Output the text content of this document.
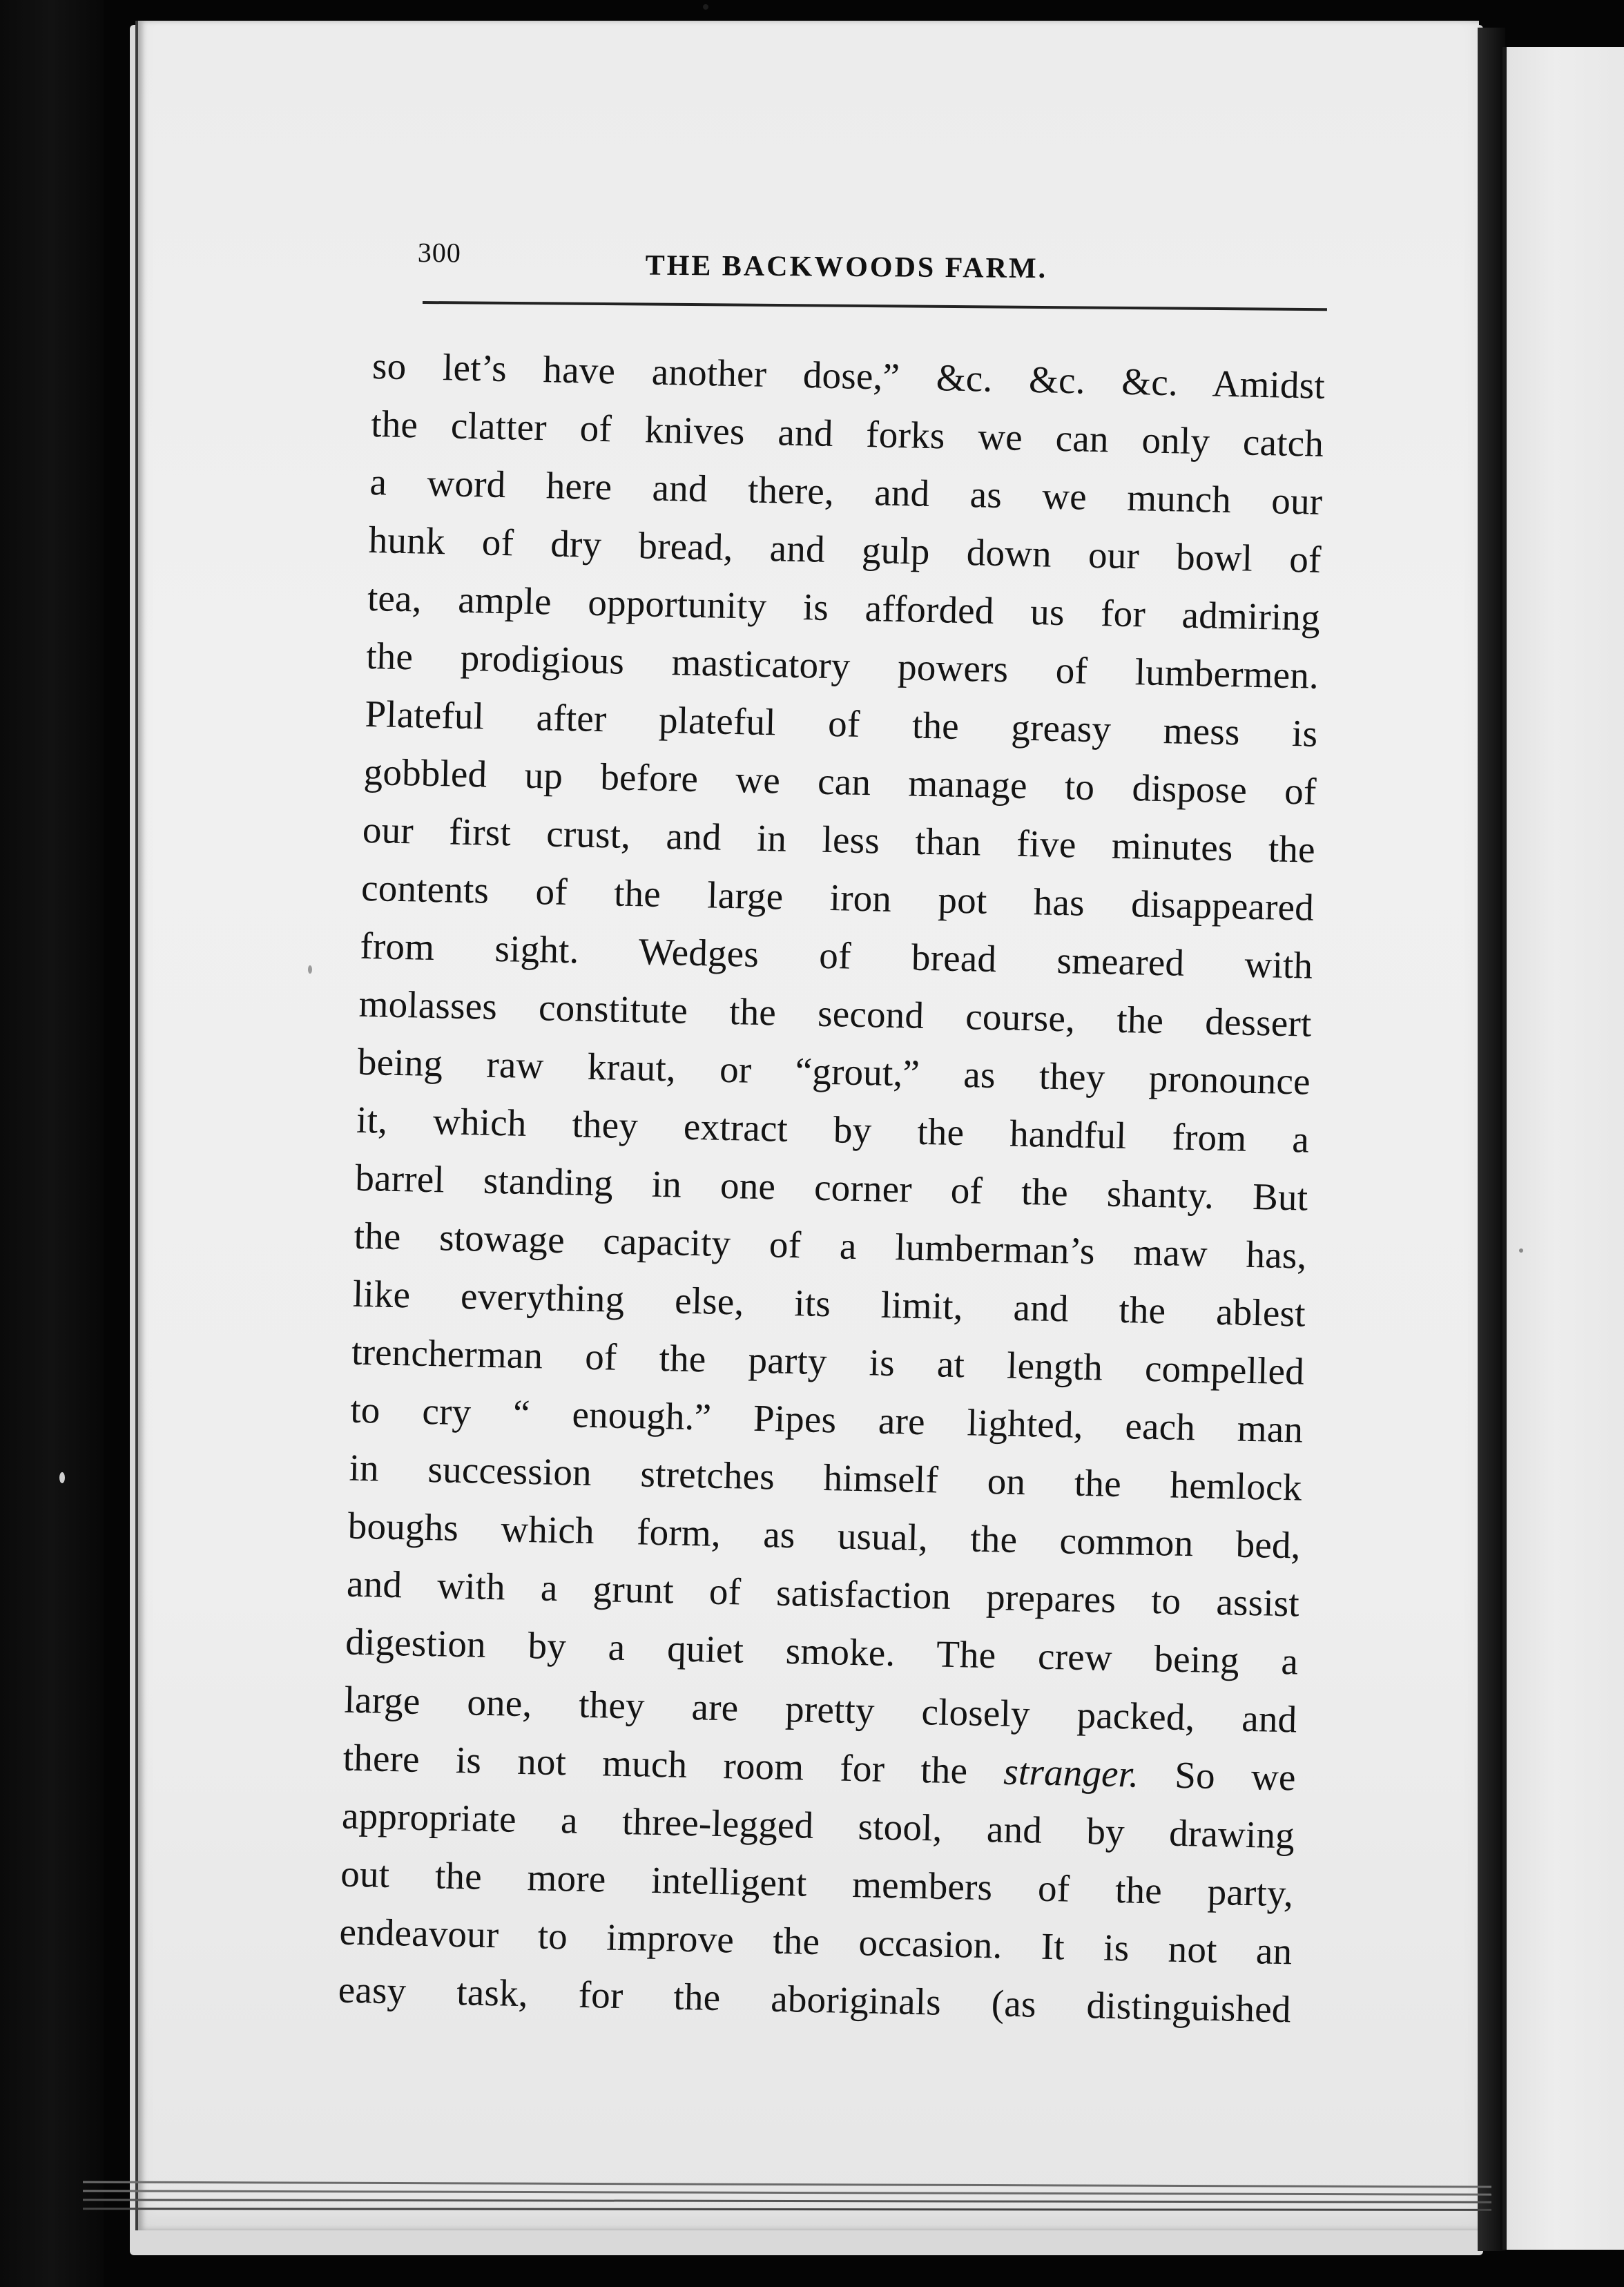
300	THE BACKWOODS FARM.
so let’s have another dose,” &c. &c. &c. Amidst
the clatter of knives and forks we can only catch
a word here and there, and as we munch our
hunk of dry bread, and gulp down our bowl of
tea, ample opportunity is afforded us for admiring
the prodigious masticatory powers of lumbermen.
Plateful after plateful of the greasy mess is
gobbled up before we can manage to dispose of
our first crust, and in less than five minutes the
contents of the large iron pot has disappeared
from sight. Wedges of bread smeared with
molasses constitute the second course, the dessert
being raw kraut, or “grout,” as they pronounce
it, which they extract by the handful from a
barrel standing in one corner of the shanty. But
the stowage capacity of a lumberman’s maw has,
like everything else, its limit, and the ablest
trencherman of the party is at length compelled
to cry “ enough.” Pipes are lighted, each man
in succession stretches himself on the hemlock
boughs which form, as usual, the common bed,
and with a grunt of satisfaction prepares to assist
digestion by a quiet smoke. The crew being a
large one, they are pretty closely packed, and
there is not much room for the stranger. So we
appropriate a three-legged stool, and by drawing
out the more intelligent members of the party,
endeavour to improve the occasion. It is not an
easy task, for the aboriginals (as distinguished
